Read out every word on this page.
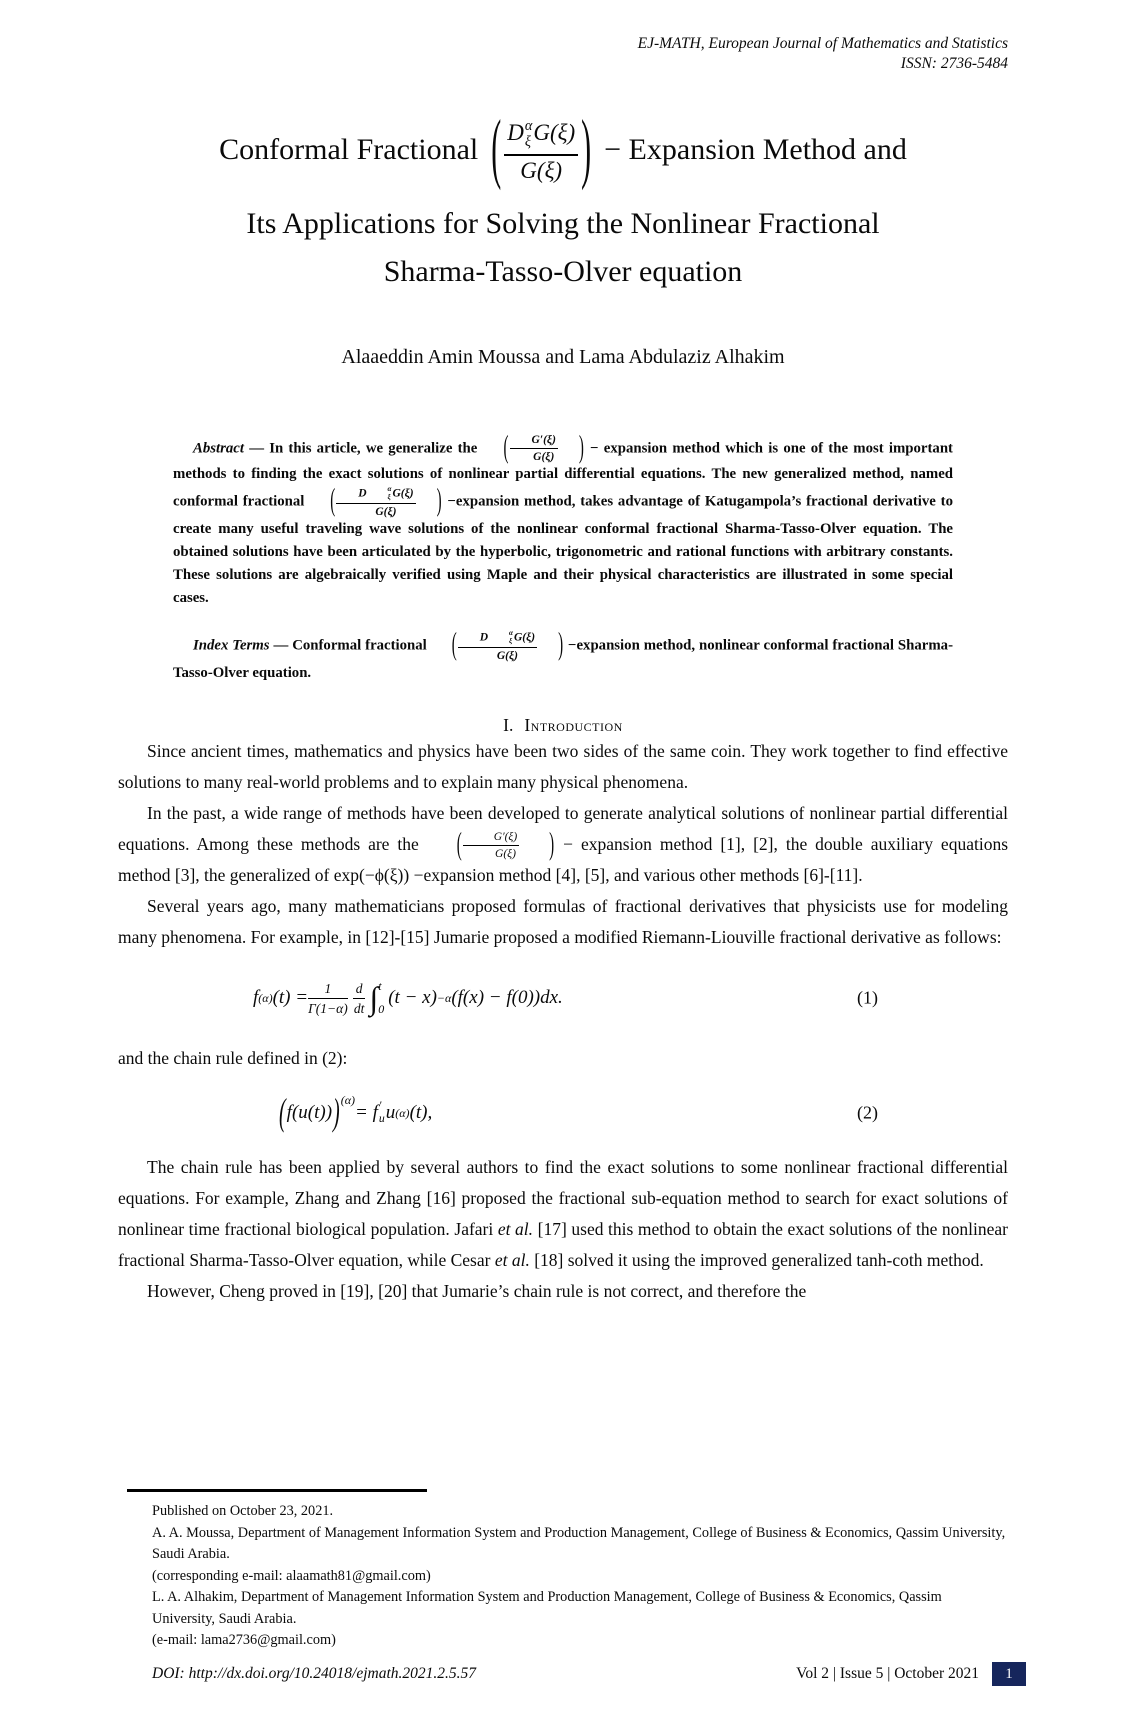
EJ-MATH, European Journal of Mathematics and Statistics
ISSN: 2736-5484
Conformal Fractional ( D α
ξ G(ξ)
G(ξ) ) − Expansion Method and
Its Applications for Solving the Nonlinear Fractional
Sharma-Tasso-Olver equation
Alaaeddin Amin Moussa and Lama Abdulaziz Alhakim

Abstract — In this article, we generalize the	( $\frac{G'(\xi)}{G(\xi)}$	) − expansion method which is one of the most important methods to finding the exact solutions of nonlinear partial differential equations. The new generalized method, named conformal fractional	( D	α
ξ G(ξ)
G(ξ)	) −expansion method, takes advantage of Katugampola’s fractional derivative to create many useful traveling wave solutions of the nonlinear conformal fractional Sharma-Tasso-Olver equation. The obtained solutions have been articulated by the hyperbolic, trigonometric and rational functions with arbitrary constants. These solutions are algebraically verified using Maple and their physical characteristics are illustrated in some special cases.

Index Terms — Conformal fractional	( D	α
ξ G(ξ)
G(ξ)	) −expansion method, nonlinear conformal fractional Sharma-Tasso-Olver equation.

I. Introduction

Since ancient times, mathematics and physics have been two sides of the same coin. They work together to find effective solutions to many real-world problems and to explain many physical phenomena.

In the past, a wide range of methods have been developed to generate analytical solutions of nonlinear partial differential equations. Among these methods are the	( $\frac{G'(\xi)}{G(\xi)}$	) − expansion method [1], [2], the double auxiliary equations method [3], the generalized of exp(−ϕ(ξ)) −expansion method [4], [5], and various other methods [6]-[11].

Several years ago, many mathematicians proposed formulas of fractional derivatives that physicists use for modeling many phenomena. For example, in [12]-[15] Jumarie proposed a modified Riemann-Liouville fractional derivative as follows:

f (α) $(t) = \frac{1}{\Gamma(1-\alpha)} \frac{d}{dt}$ ∫ t
0
(t − x) −α (f(x) − f(0))dx.	(1)

and the chain rule defined in (2):

( f(u(t)) ) (α)
= f ′
u u (α) (t),	(2)

The chain rule has been applied by several authors to find the exact solutions to some nonlinear fractional differential equations. For example, Zhang and Zhang [16] proposed the fractional sub-equation method to search for exact solutions of nonlinear time fractional biological population. Jafari et al. [17] used this method to obtain the exact solutions of the nonlinear fractional Sharma-Tasso-Olver equation, while Cesar et al. [18] solved it using the improved generalized tanh-coth method.

However, Cheng proved in [19], [20] that Jumarie’s chain rule is not correct, and therefore the

Published on October 23, 2021.

A. A. Moussa, Department of Management Information System and Production Management, College of Business & Economics, Qassim University, Saudi Arabia.

(corresponding e-mail: alaamath81@gmail.com)

L. A. Alhakim, Department of Management Information System and Production Management, College of Business & Economics, Qassim University, Saudi Arabia.

(e-mail: lama2736@gmail.com)

DOI: http://dx.doi.org/10.24018/ejmath.2021.2.5.57	Vol 2 | Issue 5 | October 2021	1
